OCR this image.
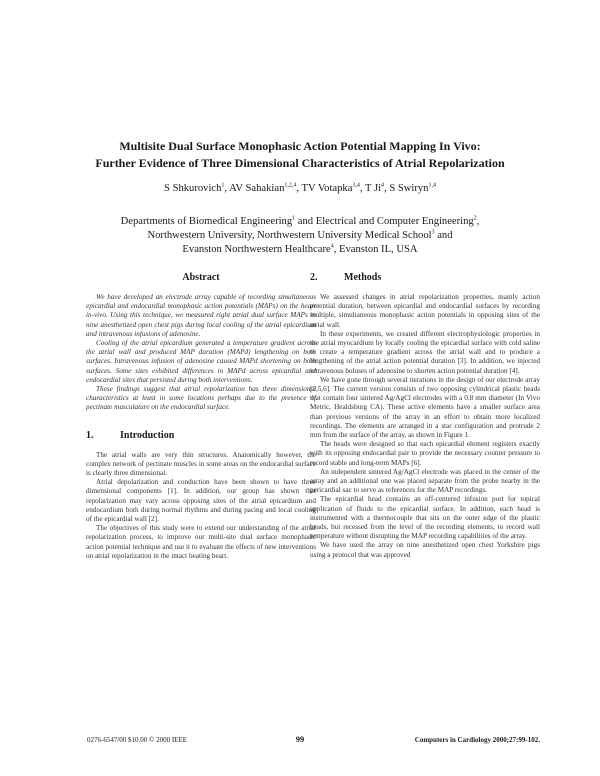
Multisite Dual Surface Monophasic Action Potential Mapping In Vivo:
Further Evidence of Three Dimensional Characteristics of Atrial Repolarization
S Shkurovich$^1$, AV Sahakian$^{1,2,4}$, TV Votapka$^{3,4}$, T Ji$^4$, S Swiryn$^{1,4}$
Departments of Biomedical Engineering$^1$ and Electrical and Computer Engineering$^2$,
Northwestern University, Northwestern University Medical School$^3$ and
Evanston Northwestern Healthcare$^4$, Evanston IL, USA
Abstract

We have developed an electrode array capable of recording simultaneous epicardial and endocardial monophasic action potentials (MAPs) on the heart in-vivo. Using this technique, we measured right atrial dual surface MAPs in nine anesthetized open chest pigs during local cooling of the atrial epicardium and intravenous infusions of adenosine.

Cooling of the atrial epicardium generated a temperature gradient across the atrial wall and produced MAP duration (MAPd) lengthening on both surfaces. Intravenous infusion of adenosine caused MAPd shortening on both surfaces. Some sites exhibited differences in MAPd across epicardial and endocardial sites that persisted during both interventions.

These findings suggest that atrial repolarization has three dimensional characteristics at least in some locations perhaps due to the presence of pectinate musculature on the endocardial surface.

1.	Introduction

The atrial walls are very thin structures. Anatomically however, the complex network of pectinate muscles in some areas on the endocardial surface is clearly three dimensional.

Atrial depolarization and conduction have been shown to have three dimensional components [1]. In addition, our group has shown that repolarization may vary across opposing sites of the atrial epicardium and endocardium both during normal rhythms and during pacing and local cooling of the epicardial wall [2].

The objectives of this study were to extend our understanding of the atrial repolarization process, to improve our multi-site dual surface monophasic action potential technique and use it to evaluate the effects of new interventions on atrial repolarization in the intact beating heart.

2.	Methods

We assessed changes in atrial repolarization properties, mainly action potential duration, between epicardial and endocardial surfaces by recording multiple, simultaneous monophasic action potentials in opposing sites of the atrial wall.

In these experiments, we created different electrophysiologic properties in the atrial myocardium by locally cooling the epicardial surface with cold saline to create a temperature gradient across the atrial wall and to produce a lengthening of the atrial action potential duration [3]. In addition, we injected intravenous boluses of adenosine to shorten action potential duration [4].

We have gone through several iterations in the design of our electrode array [2,5,6]. The current version consists of two opposing cylindrical plastic heads that contain four sintered Ag/AgCl electrodes with a 0.8 mm diameter (In Vivo Metric, Healdsburg CA). These active elements have a smaller surface area than previous versions of the array in an effort to obtain more localized recordings. The elements are arranged in a star configuration and protrude 2 mm from the surface of the array, as shown in Figure 1.

The heads were designed so that each epicardial element registers exactly with its opposing endocardial pair to provide the necessary counter pressure to record stable and long-term MAPs [6].

An independent sintered Ag/AgCl electrode was placed in the center of the array and an additional one was placed separate from the probe nearby in the pericardial sac to serve as references for the MAP recordings.

The epicardial head contains an off-centered infusion port for topical application of fluids to the epicardial surface. In addition, each head is instrumented with a thermocouple that sits on the outer edge of the plastic heads, but recessed from the level of the recording elements, to record wall temperature without disrupting the MAP recording capabilities of the array.

We have used the array on nine anesthetized open chest Yorkshire pigs using a protocol that was approved

0276-6547/00 $10.00 © 2000 IEEE	99	Computers in Cardiology 2000;27:99-102.
